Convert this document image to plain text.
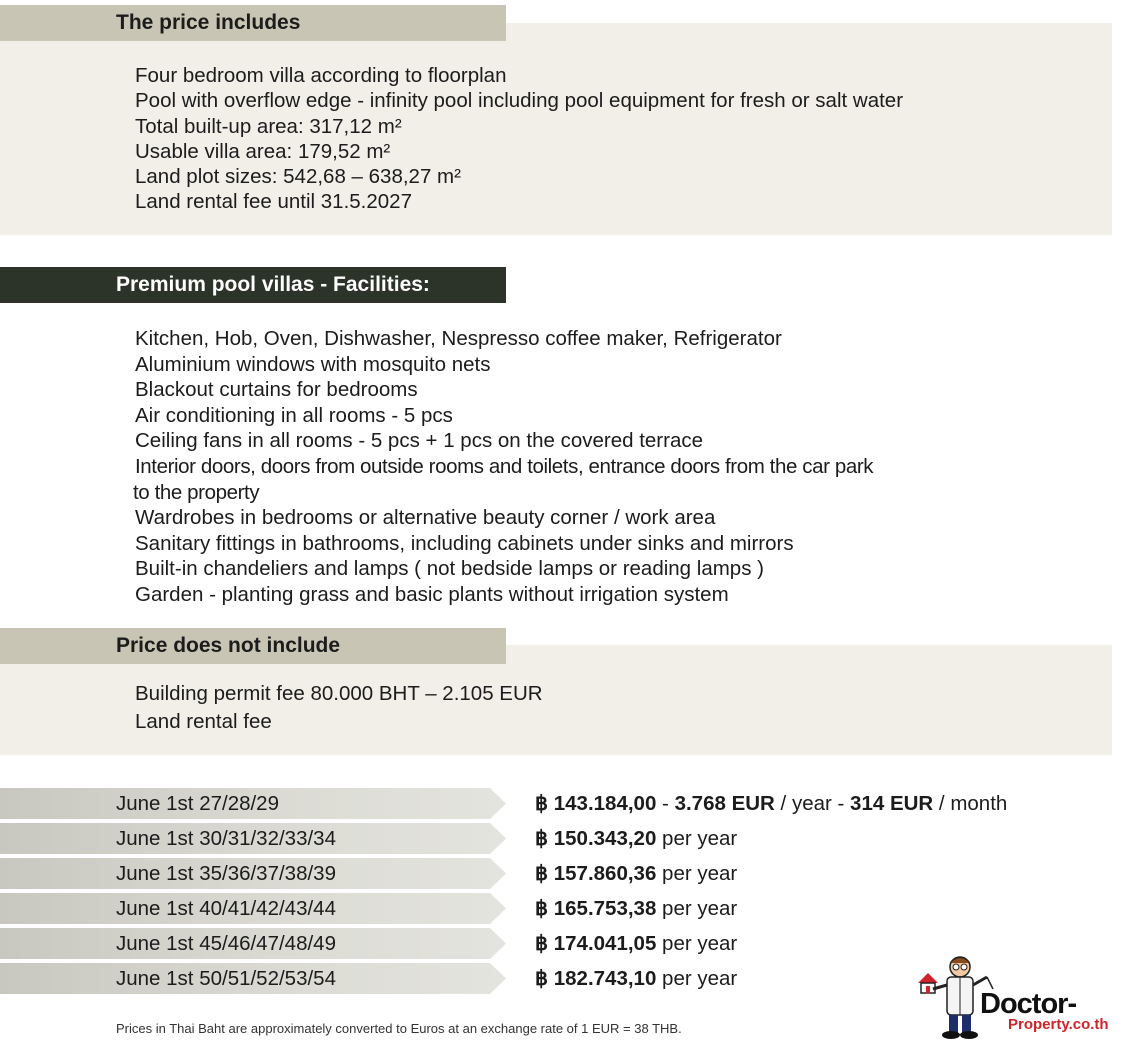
The price includes
Four bedroom villa according to floorplan
Pool with overflow edge - infinity pool including pool equipment for fresh or salt water
Total built-up area: 317,12 m²
Usable villa area: 179,52 m²
Land plot sizes: 542,68 – 638,27 m²
Land rental fee until 31.5.2027
Premium pool villas - Facilities:
Kitchen, Hob, Oven, Dishwasher, Nespresso coffee maker, Refrigerator
Aluminium windows with mosquito nets
Blackout curtains for bedrooms
Air conditioning in all rooms - 5 pcs
Ceiling fans in all rooms - 5 pcs + 1 pcs on the covered terrace
Interior doors, doors from outside rooms and toilets, entrance doors from the car park
to the property
Wardrobes in bedrooms or alternative beauty corner / work area
Sanitary fittings in bathrooms, including cabinets under sinks and mirrors
Built-in chandeliers and lamps ( not bedside lamps or reading lamps )
Garden - planting grass and basic plants without irrigation system
Price does not include
Building permit fee 80.000 BHT – 2.105 EUR
Land rental fee
June 1st 27/28/29	฿ 143.184,00 - 3.768 EUR / year - 314 EUR / month
June 1st 30/31/32/33/34	฿ 150.343,20 per year
June 1st 35/36/37/38/39	฿ 157.860,36 per year
June 1st 40/41/42/43/44	฿ 165.753,38 per year
June 1st 45/46/47/48/49	฿ 174.041,05 per year
June 1st 50/51/52/53/54	฿ 182.743,10 per year
Prices in Thai Baht are approximately converted to Euros at an exchange rate of 1 EUR = 38 THB.
Doctor-
Property.co.th
